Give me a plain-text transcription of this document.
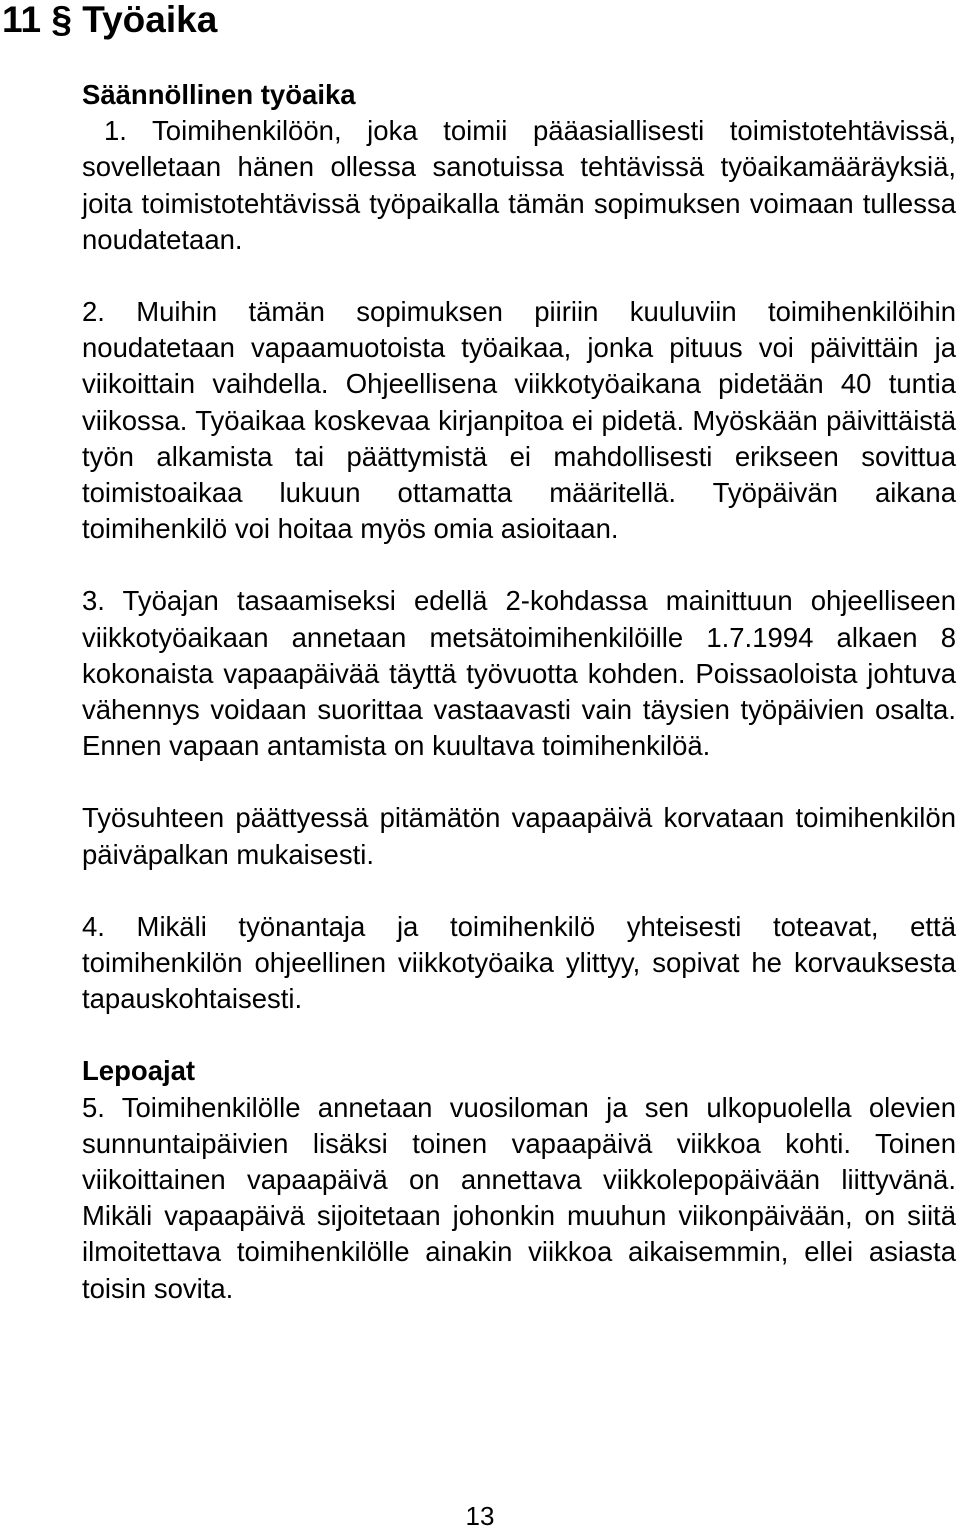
11 § Työaika

Säännöllinen työaika

1. Toimihenkilöön, joka toimii pääasiallisesti toimistotehtävissä, sovelletaan hänen ollessa sanotuissa tehtävissä työaikamääräyksiä, joita toimistotehtävissä työpaikalla tämän sopimuksen voimaan tullessa noudatetaan.

2. Muihin tämän sopimuksen piiriin kuuluviin toimihenkilöihin noudatetaan vapaamuotoista työaikaa, jonka pituus voi päivittäin ja viikoittain vaihdella. Ohjeellisena viikkotyöaikana pidetään 40 tuntia viikossa. Työaikaa koskevaa kirjanpitoa ei pidetä. Myöskään päivittäistä työn alkamista tai päättymistä ei mahdollisesti erikseen sovittua toimistoaikaa lukuun ottamatta määritellä. Työpäivän aikana toimihenkilö voi hoitaa myös omia asioitaan.

3. Työajan tasaamiseksi edellä 2-kohdassa mainittuun ohjeelliseen viikkotyöaikaan annetaan metsätoimihenkilöille 1.7.1994 alkaen 8 kokonaista vapaapäivää täyttä työvuotta kohden. Poissaoloista johtuva vähennys voidaan suorittaa vastaavasti vain täysien työpäivien osalta. Ennen vapaan antamista on kuultava toimihenkilöä.

Työsuhteen päättyessä pitämätön vapaapäivä korvataan toimihenkilön päiväpalkan mukaisesti.

4. Mikäli työnantaja ja toimihenkilö yhteisesti toteavat, että toimihenkilön ohjeellinen viikkotyöaika ylittyy, sopivat he korvauksesta tapauskohtaisesti.

Lepoajat

5. Toimihenkilölle annetaan vuosiloman ja sen ulkopuolella olevien sunnuntaipäivien lisäksi toinen vapaapäivä viikkoa kohti. Toinen viikoittainen vapaapäivä on annettava viikkolepopäivään liittyvänä. Mikäli vapaapäivä sijoitetaan johonkin muuhun viikonpäivään, on siitä ilmoitettava toimihenkilölle ainakin viikkoa aikaisemmin, ellei asiasta toisin sovita.

13
